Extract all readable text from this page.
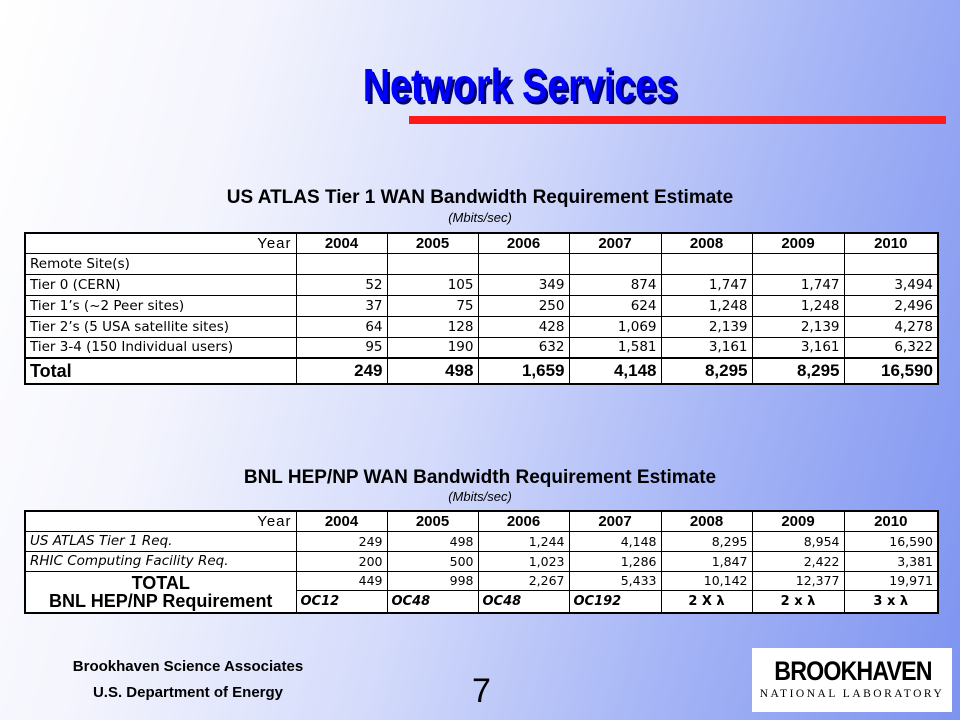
Network Services
US ATLAS Tier 1 WAN Bandwidth Requirement Estimate
(Mbits/sec)
Year	2004	2005	2006	2007	2008	2009	2010
Remote Site(s)							
Tier 0 (CERN)	52	105	349	874	1,747	1,747	3,494
Tier 1’s (~2 Peer sites)	37	75	250	624	1,248	1,248	2,496
Tier 2’s (5 USA satellite sites)	64	128	428	1,069	2,139	2,139	4,278
Tier 3-4 (150 Individual users)	95	190	632	1,581	3,161	3,161	6,322
Total	249	498	1,659	4,148	8,295	8,295	16,590
BNL HEP/NP WAN Bandwidth Requirement Estimate
(Mbits/sec)
Year	2004	2005	2006	2007	2008	2009	2010
US ATLAS Tier 1 Req.	249	498	1,244	4,148	8,295	8,954	16,590
RHIC Computing Facility Req.	200	500	1,023	1,286	1,847	2,422	3,381

TOTAL
BNL HEP/NP Requirement	449	998	2,267	5,433	10,142	12,377	19,971
	OC12	OC48	OC48	OC192	2 X λ	2 x λ	3 x λ
Brookhaven Science Associates
U.S. Department of Energy	7
BROOKHAVEN
NATIONAL LABORATORY
